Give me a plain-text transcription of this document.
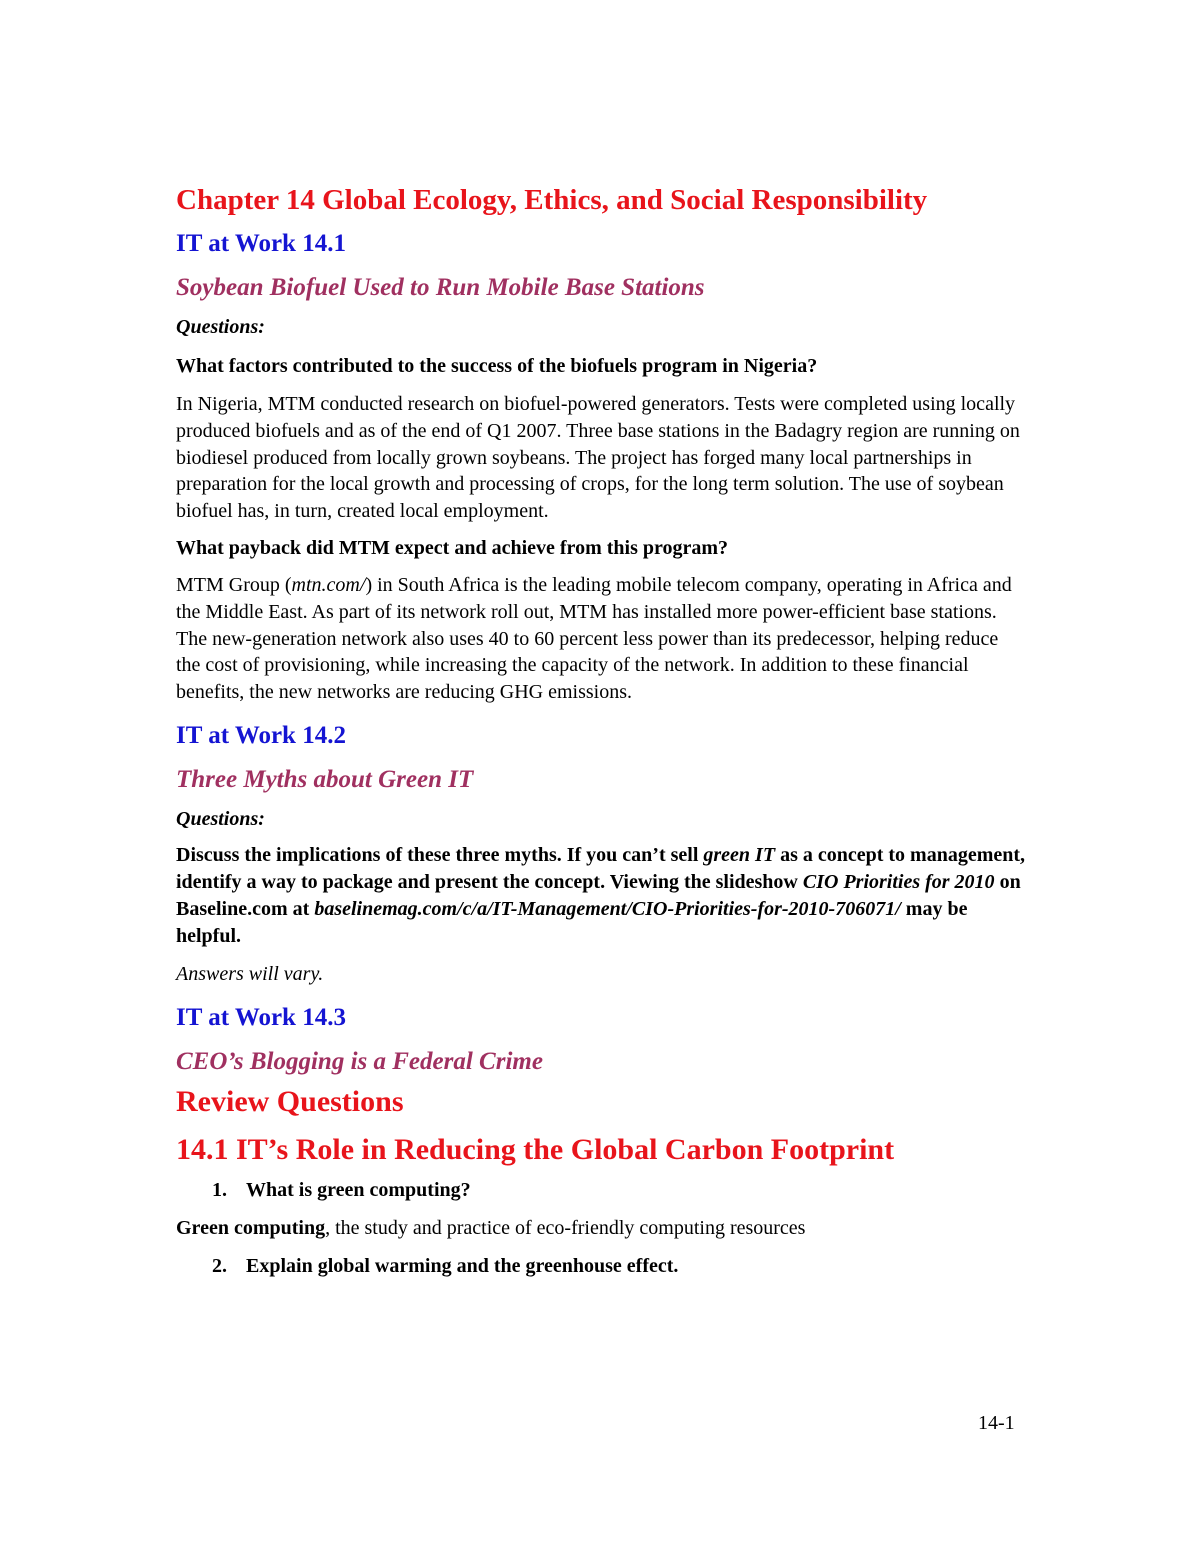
Chapter 14 Global Ecology, Ethics, and Social Responsibility
IT at Work 14.1
Soybean Biofuel Used to Run Mobile Base Stations

Questions:

What factors contributed to the success of the biofuels program in Nigeria?

In Nigeria, MTM conducted research on biofuel-powered generators. Tests were completed using locally produced biofuels and as of the end of Q1 2007. Three base stations in the Badagry region are running on biodiesel produced from locally grown soybeans. The project has forged many local partnerships in preparation for the local growth and processing of crops, for the long term solution. The use of soybean biofuel has, in turn, created local employment.

What payback did MTM expect and achieve from this program?

MTM Group (mtn.com/) in South Africa is the leading mobile telecom company, operating in Africa and the Middle East. As part of its network roll out, MTM has installed more power-efficient base stations. The new-generation network also uses 40 to 60 percent less power than its predecessor, helping reduce the cost of provisioning, while increasing the capacity of the network. In addition to these financial benefits, the new networks are reducing GHG emissions.

IT at Work 14.2
Three Myths about Green IT

Questions:

Discuss the implications of these three myths. If you can’t sell green IT as a concept to management, identify a way to package and present the concept. Viewing the slideshow CIO Priorities for 2010 on Baseline.com at baselinemag.com/c/a/IT-Management/CIO-Priorities-for-2010-706071/ may be helpful.

Answers will vary.

IT at Work 14.3
CEO’s Blogging is a Federal Crime
Review Questions
14.1 IT’s Role in Reducing the Global Carbon Footprint

1. What is green computing?

Green computing, the study and practice of eco-friendly computing resources

2. Explain global warming and the greenhouse effect.

14-1
